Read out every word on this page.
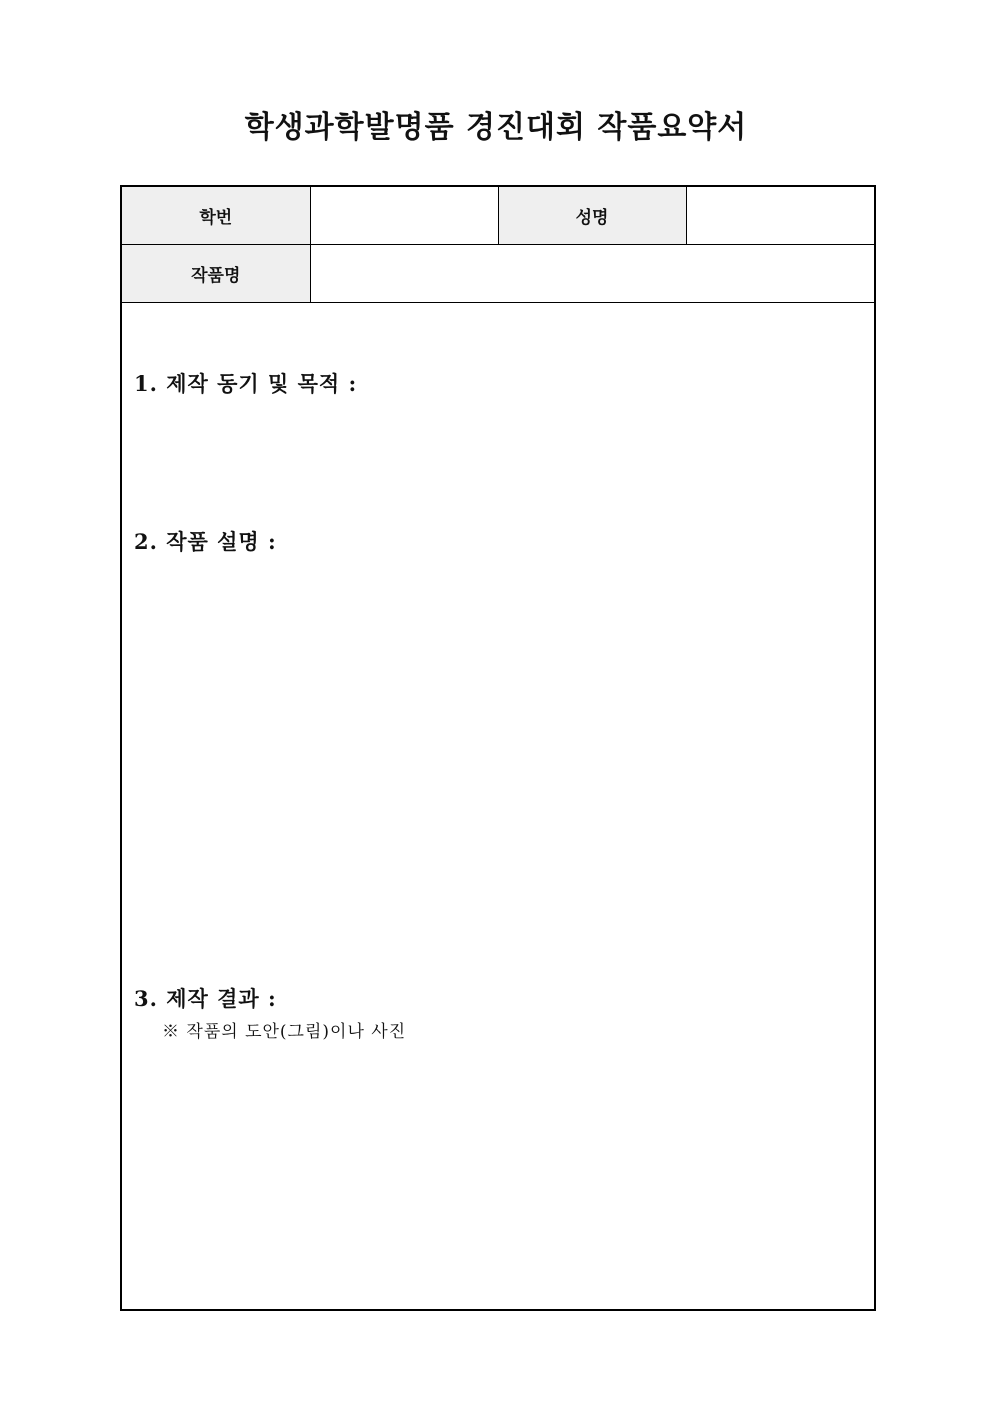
학생과학발명품 경진대회 작품요약서
학번		성명	
작품명			
1. 제작 동기 및 목적 :
2. 작품 설명 :
3. 제작 결과 :
※ 작품의 도안(그림)이나 사진
